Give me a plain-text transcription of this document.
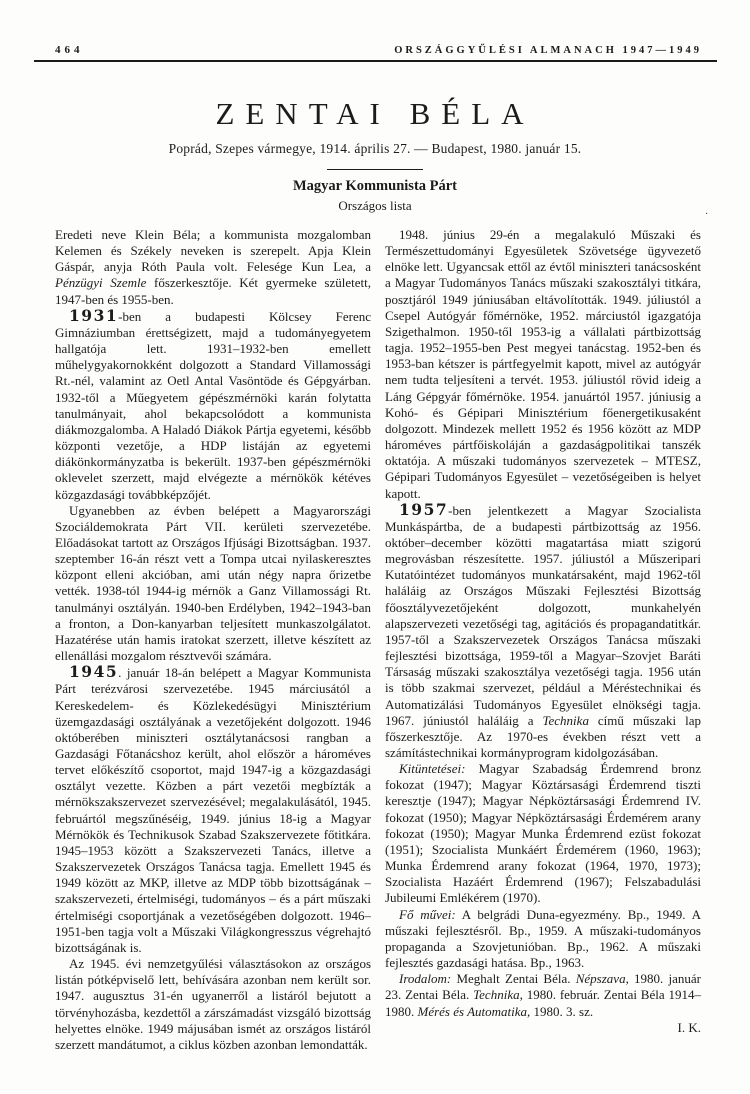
464	ORSZÁGGYŰLÉSI ALMANACH 1947—1949
ZENTAI BÉLA

Poprád, Szepes vármegye, 1914. április 27. — Budapest, 1980. január 15.

Magyar Kommunista Párt

Országos lista	.

Eredeti neve Klein Béla; a kommunista mozgalomban Kelemen és Székely neveken is szerepelt. Apja Klein Gáspár, anyja Róth Paula volt. Felesége Kun Lea, a Pénzügyi Szemle főszerkesztője. Két gyermeke született, 1947-ben és 1955-ben.

1931-ben a budapesti Kölcsey Ferenc Gimnáziumban érettségizett, majd a tudományegyetem hallgatója lett. 1931–1932-ben emellett műhelygyakornokként dolgozott a Standard Villamossági Rt.-nél, valamint az Oetl Antal Vasöntöde és Gépgyárban. 1932-től a Műegyetem gépészmérnöki karán folytatta tanulmányait, ahol bekapcsolódott a kommunista diákmozgalomba. A Haladó Diákok Pártja egyetemi, később központi vezetője, a HDP listáján az egyetemi diákönkormányzatba is bekerült. 1937-ben gépészmérnöki oklevelet szerzett, majd elvégezte a mérnökök kétéves közgazdasági továbbképzőjét.

Ugyanebben az évben belépett a Magyarországi Szociáldemokrata Párt VII. kerületi szervezetébe. Előadásokat tartott az Országos Ifjúsági Bizottságban. 1937. szeptember 16-án részt vett a Tompa utcai nyilaskeresztes központ elleni akcióban, ami után négy napra őrizetbe vették. 1938-tól 1944-ig mérnök a Ganz Villamossági Rt. tanulmányi osztályán. 1940-ben Erdélyben, 1942–1943-ban a fronton, a Don-kanyarban teljesített munkaszolgálatot. Hazatérése után hamis iratokat szerzett, illetve készített az ellenállási mozgalom résztvevői számára.

1945. január 18-án belépett a Magyar Kommunista Párt terézvárosi szervezetébe. 1945 márciusától a Kereskedelem- és Közlekedésügyi Minisztérium üzemgazdasági osztályának a vezetőjeként dolgozott. 1946 októberében miniszteri osztálytanácsosi rangban a Gazdasági Főtanácshoz került, ahol először a hároméves tervet előkészítő csoportot, majd 1947-ig a közgazdasági osztályt vezette. Közben a párt vezetői megbízták a mérnökszakszervezet szervezésével; megalakulásától, 1945. februártól megszűnéséig, 1949. június 18-ig a Magyar Mérnökök és Technikusok Szabad Szakszervezete főtitkára. 1945–1953 között a Szakszervezeti Tanács, illetve a Szakszervezetek Országos Tanácsa tagja. Emellett 1945 és 1949 között az MKP, illetve az MDP több bizottságának – szakszervezeti, értelmiségi, tudományos – és a párt műszaki értelmiségi csoportjának a vezetőségében dolgozott. 1946–1951-ben tagja volt a Műszaki Világkongresszus végrehajtó bizottságának is.

Az 1945. évi nemzetgyűlési választásokon az országos listán pótképviselő lett, behívására azonban nem került sor. 1947. augusztus 31-én ugyanerről a listáról bejutott a törvényhozásba, kezdettől a zárszámadást vizsgáló bizottság helyettes elnöke. 1949 májusában ismét az országos listáról szerzett mandátumot, a ciklus közben azonban lemondatták.

1948. június 29-én a megalakuló Műszaki és Természettudományi Egyesületek Szövetsége ügyvezető elnöke lett. Ugyancsak ettől az évtől miniszteri tanácsosként a Magyar Tudományos Tanács műszaki szakosztályi titkára, posztjáról 1949 júniusában eltávolították. 1949. júliustól a Csepel Autógyár főmérnöke, 1952. márciustól igazgatója Szigethalmon. 1950-től 1953-ig a vállalati pártbizottság tagja. 1952–1955-ben Pest megyei tanácstag. 1952-ben és 1953-ban kétszer is pártfegyelmit kapott, mivel az autógyár nem tudta teljesíteni a tervét. 1953. júliustól rövid ideig a Láng Gépgyár főmérnöke. 1954. januártól 1957. júniusig a Kohó- és Gépipari Minisztérium főenergetikusaként dolgozott. Mindezek mellett 1952 és 1956 között az MDP hároméves pártfőiskoláján a gazdaságpolitikai tanszék oktatója. A műszaki tudományos szervezetek – MTESZ, Gépipari Tudományos Egyesület – vezetőségeiben is helyet kapott.

1957-ben jelentkezett a Magyar Szocialista Munkáspártba, de a budapesti pártbizottság az 1956. október–december közötti magatartása miatt szigorú megrovásban részesítette. 1957. júliustól a Műszeripari Kutatóintézet tudományos munkatársaként, majd 1962-től haláláig az Országos Műszaki Fejlesztési Bizottság főosztályvezetőjeként dolgozott, munkahelyén alapszervezeti vezetőségi tag, agitációs és propagandatitkár. 1957-től a Szakszervezetek Országos Tanácsa műszaki fejlesztési bizottsága, 1959-től a Magyar–Szovjet Baráti Társaság műszaki szakosztálya vezetőségi tagja. 1956 után is több szakmai szervezet, például a Méréstechnikai és Automatizálási Tudományos Egyesület elnökségi tagja. 1967. júniustól haláláig a Technika című műszaki lap főszerkesztője. Az 1970-es években részt vett a számítástechnikai kormányprogram kidolgozásában.

Kitüntetései: Magyar Szabadság Érdemrend bronz fokozat (1947); Magyar Köztársasági Érdemrend tiszti keresztje (1947); Magyar Népköztársasági Érdemrend IV. fokozat (1950); Magyar Népköztársasági Érdemérem arany fokozat (1950); Magyar Munka Érdemrend ezüst fokozat (1951); Szocialista Munkáért Érdemérem (1960, 1963); Munka Érdemrend arany fokozat (1964, 1970, 1973); Szocialista Hazáért Érdemrend (1967); Felszabadulási Jubileumi Emlékérem (1970).

Fő művei: A belgrádi Duna-egyezmény. Bp., 1949. A műszaki fejlesztésről. Bp., 1959. A műszaki-tudományos propaganda a Szovjetunióban. Bp., 1962. A műszaki fejlesztés gazdasági hatása. Bp., 1963.

Irodalom: Meghalt Zentai Béla. Népszava, 1980. január 23. Zentai Béla. Technika, 1980. február. Zentai Béla 1914–1980. Mérés és Automatika, 1980. 3. sz.

I. K.
